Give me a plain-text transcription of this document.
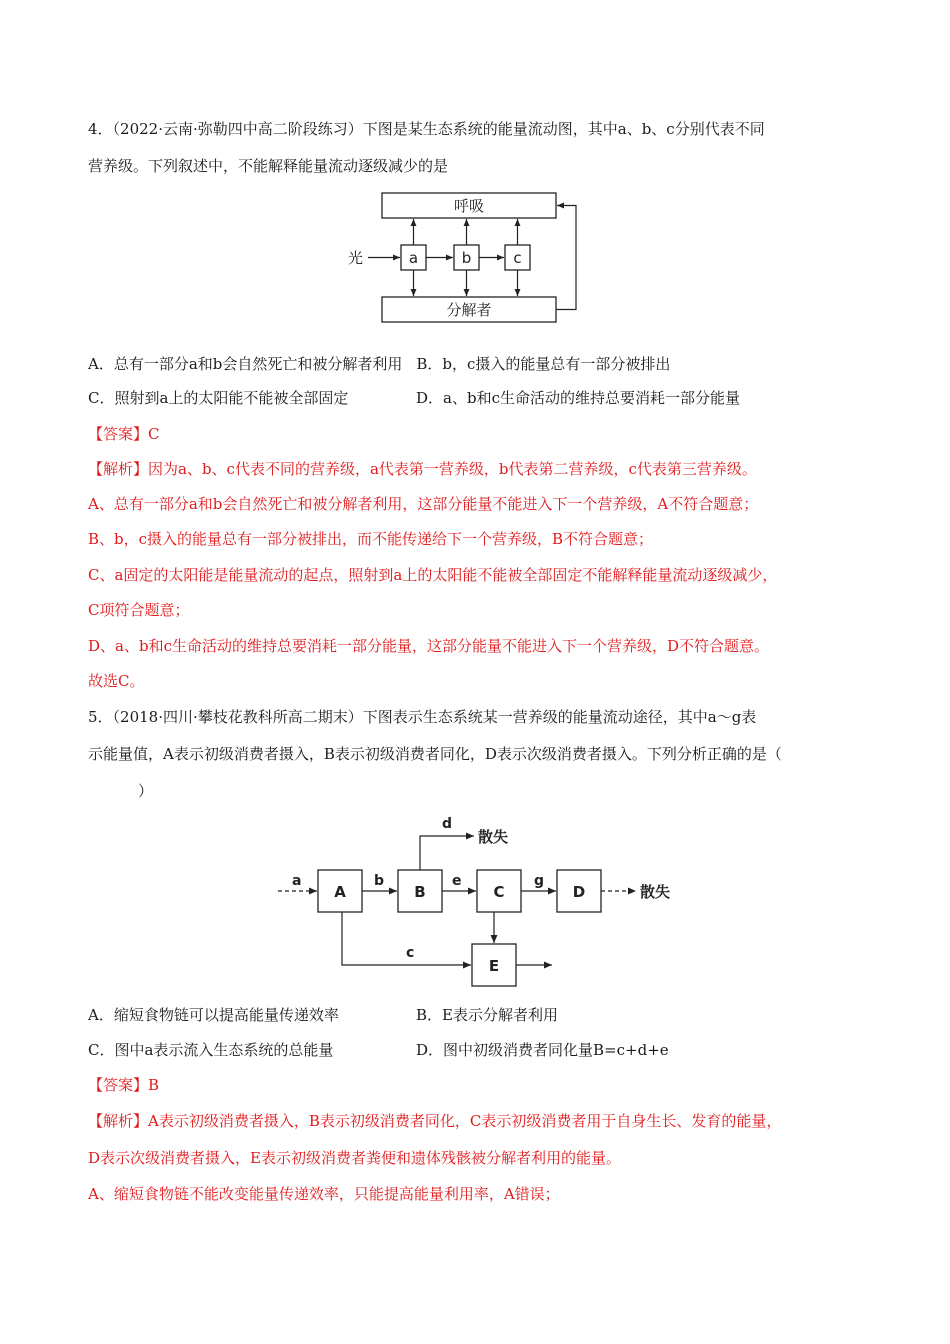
4．（2022·云南·弥勒四中高二阶段练习）下图是某生态系统的能量流动图，其中a、b、c分别代表不同
营养级。下列叙述中，不能解释能量流动逐级减少的是
呼吸
分解者
a	b	c
光
A．总有一部分a和b会自然死亡和被分解者利用 B．b，c摄入的能量总有一部分被排出
C．照射到a上的太阳能不能被全部固定	D．a、b和c生命活动的维持总要消耗一部分能量
【答案】C
【解析】因为a、b、c代表不同的营养级，a代表第一营养级，b代表第二营养级，c代表第三营养级。
A、总有一部分a和b会自然死亡和被分解者利用，这部分能量不能进入下一个营养级，A不符合题意；
B、b，c摄入的能量总有一部分被排出，而不能传递给下一个营养级，B不符合题意；
C、a固定的太阳能是能量流动的起点，照射到a上的太阳能不能被全部固定不能解释能量流动逐级减少，
C项符合题意；
D、a、b和c生命活动的维持总要消耗一部分能量，这部分能量不能进入下一个营养级，D不符合题意。
故选C。
5．（2018·四川·攀枝花教科所高二期末）下图表示生态系统某一营养级的能量流动途径，其中a～g表
示能量值，A表示初级消费者摄入，B表示初级消费者同化，D表示次级消费者摄入。下列分析正确的是（
）
A	B	C	D
E
a	b	e	g
散失
d
散失
c
A．缩短食物链可以提高能量传递效率	B．E表示分解者利用
C．图中a表示流入生态系统的总能量	D．图中初级消费者同化量B=c+d+e
【答案】B
【解析】A表示初级消费者摄入，B表示初级消费者同化，C表示初级消费者用于自身生长、发育的能量，
D表示次级消费者摄入，E表示初级消费者粪便和遗体残骸被分解者利用的能量。
A、缩短食物链不能改变能量传递效率，只能提高能量利用率，A错误；
